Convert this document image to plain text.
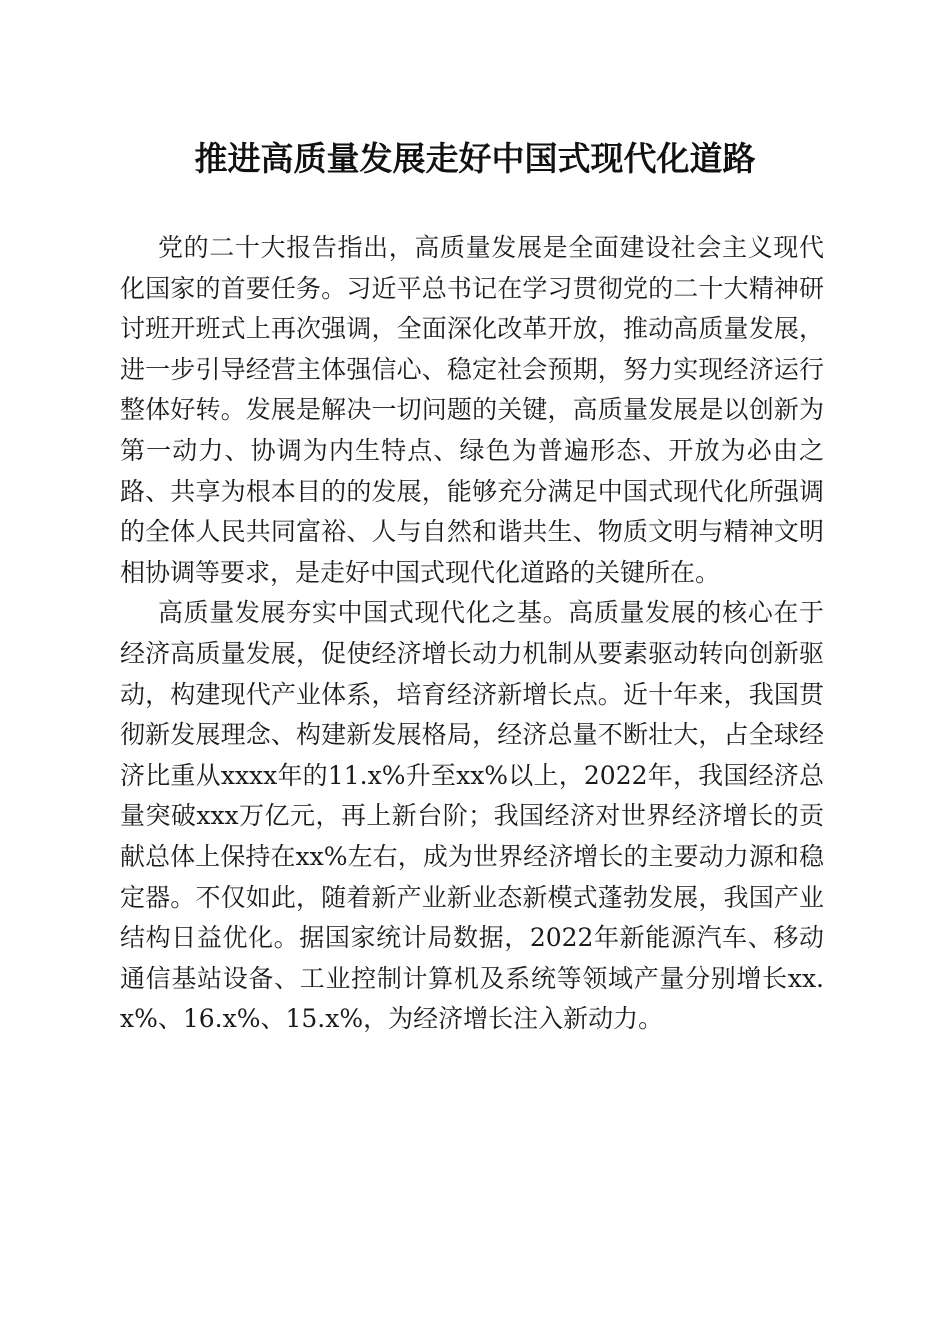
推进高质量发展走好中国式现代化道路

党的二十大报告指出，高质量发展是全面建设社会主义现代化国家的首要任务。习近平总书记在学习贯彻党的二十大精神研讨班开班式上再次强调，全面深化改革开放，推动高质量发展，进一步引导经营主体强信心、稳定社会预期，努力实现经济运行整体好转。发展是解决一切问题的关键，高质量发展是以创新为第一动力、协调为内生特点、绿色为普遍形态、开放为必由之路、共享为根本目的的发展，能够充分满足中国式现代化所强调的全体人民共同富裕、人与自然和谐共生、物质文明与精神文明相协调等要求，是走好中国式现代化道路的关键所在。

高质量发展夯实中国式现代化之基。高质量发展的核心在于经济高质量发展，促使经济增长动力机制从要素驱动转向创新驱动，构建现代产业体系，培育经济新增长点。近十年来，我国贯彻新发展理念、构建新发展格局，经济总量不断壮大，占全球经济比重从xxxx年的11.x%升至xx%以上，2022年，我国经济总量突破xxx万亿元，再上新台阶；我国经济对世界经济增长的贡献总体上保持在xx%左右，成为世界经济增长的主要动力源和稳定器。不仅如此，随着新产业新业态新模式蓬勃发展，我国产业结构日益优化。据国家统计局数据，2022年新能源汽车、移动通信基站设备、工业控制计算机及系统等领域产量分别增长xx.x%、16.x%、15.x%，为经济增长注入新动力。
